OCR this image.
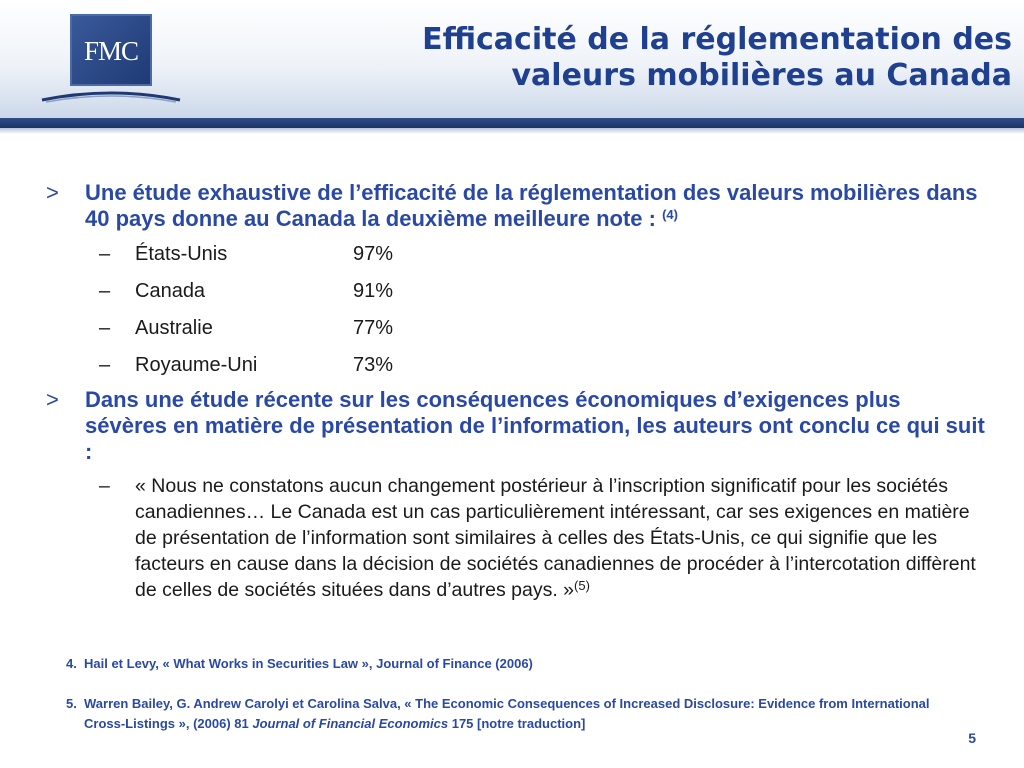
FMC	Efficacité de la réglementation des
valeurs mobilières au Canada
> Une étude exhaustive de l’efficacité de la réglementation des valeurs mobilières dans 40 pays donne au Canada la deuxième meilleure note : $^{(4)}$
– États-Unis	97%
– Canada	91%
– Australie	77%
– Royaume-Uni	73%
> Dans une étude récente sur les conséquences économiques d’exigences plus sévères en matière de présentation de l’information, les auteurs ont conclu ce qui suit :
– « Nous ne constatons aucun changement postérieur à l’inscription significatif pour les sociétés canadiennes… Le Canada est un cas particulièrement intéressant, car ses exigences en matière de présentation de l’information sont similaires à celles des États-Unis, ce qui signifie que les facteurs en cause dans la décision de sociétés canadiennes de procéder à l’intercotation diffèrent de celles de sociétés situées dans d’autres pays. »$^{(5)}$
4. Hail et Levy, « What Works in Securities Law », Journal of Finance (2006)
5. Warren Bailey, G. Andrew Carolyi et Carolina Salva, « The Economic Consequences of Increased Disclosure: Evidence from International Cross-Listings », (2006) 81 Journal of Financial Economics 175 [notre traduction]
5
